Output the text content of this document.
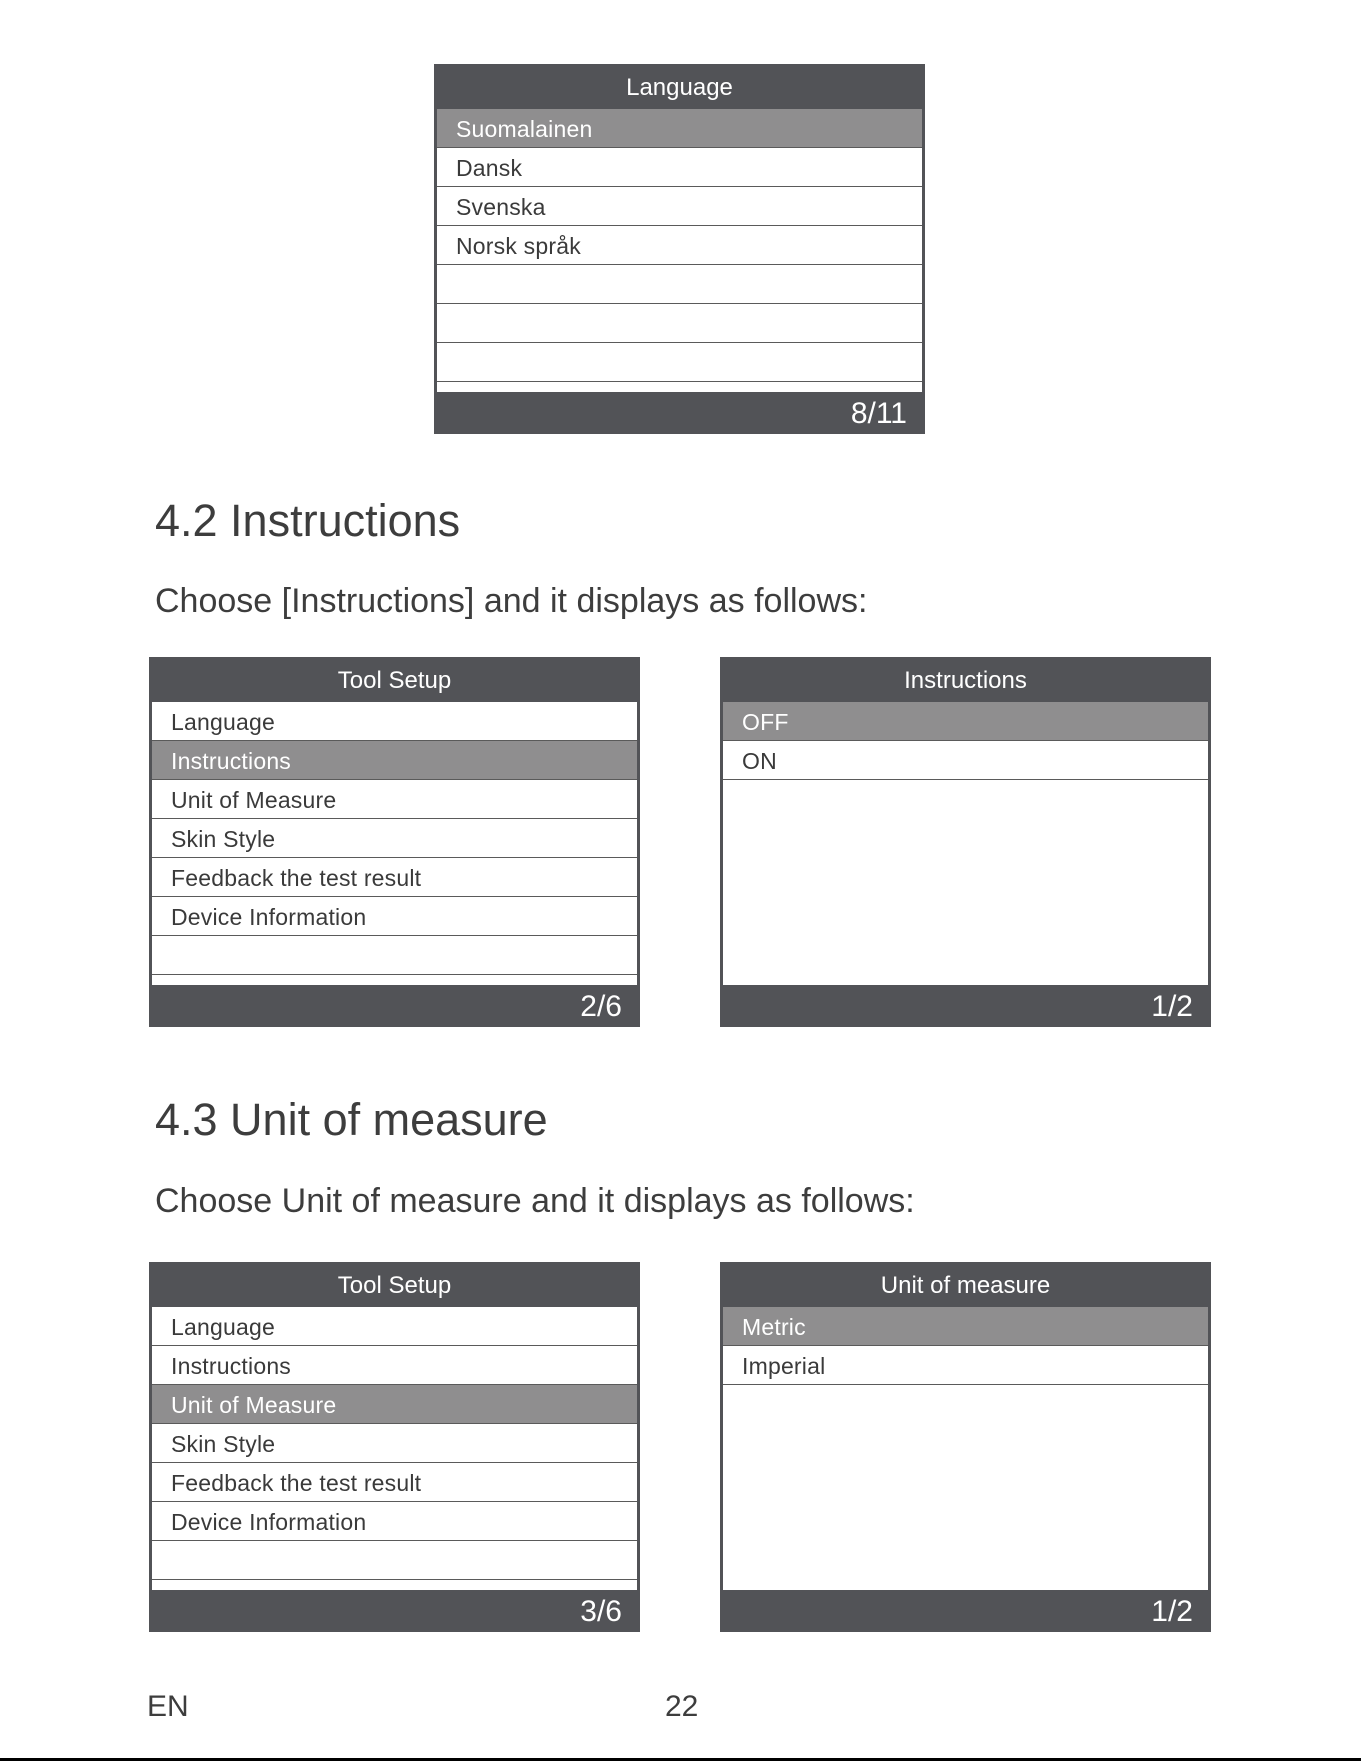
Language
Suomalainen
Dansk
Svenska
Norsk språk
8/11
4.2 Instructions
Choose [Instructions] and it displays as follows:
Tool Setup
Language
Instructions
Unit of Measure
Skin Style
Feedback the test result
Device Information
2/6
Instructions
OFF
ON
1/2
4.3 Unit of measure
Choose Unit of measure and it displays as follows:
Tool Setup
Language
Instructions
Unit of Measure
Skin Style
Feedback the test result
Device Information
3/6
Unit of measure
Metric
Imperial
1/2
EN	22
